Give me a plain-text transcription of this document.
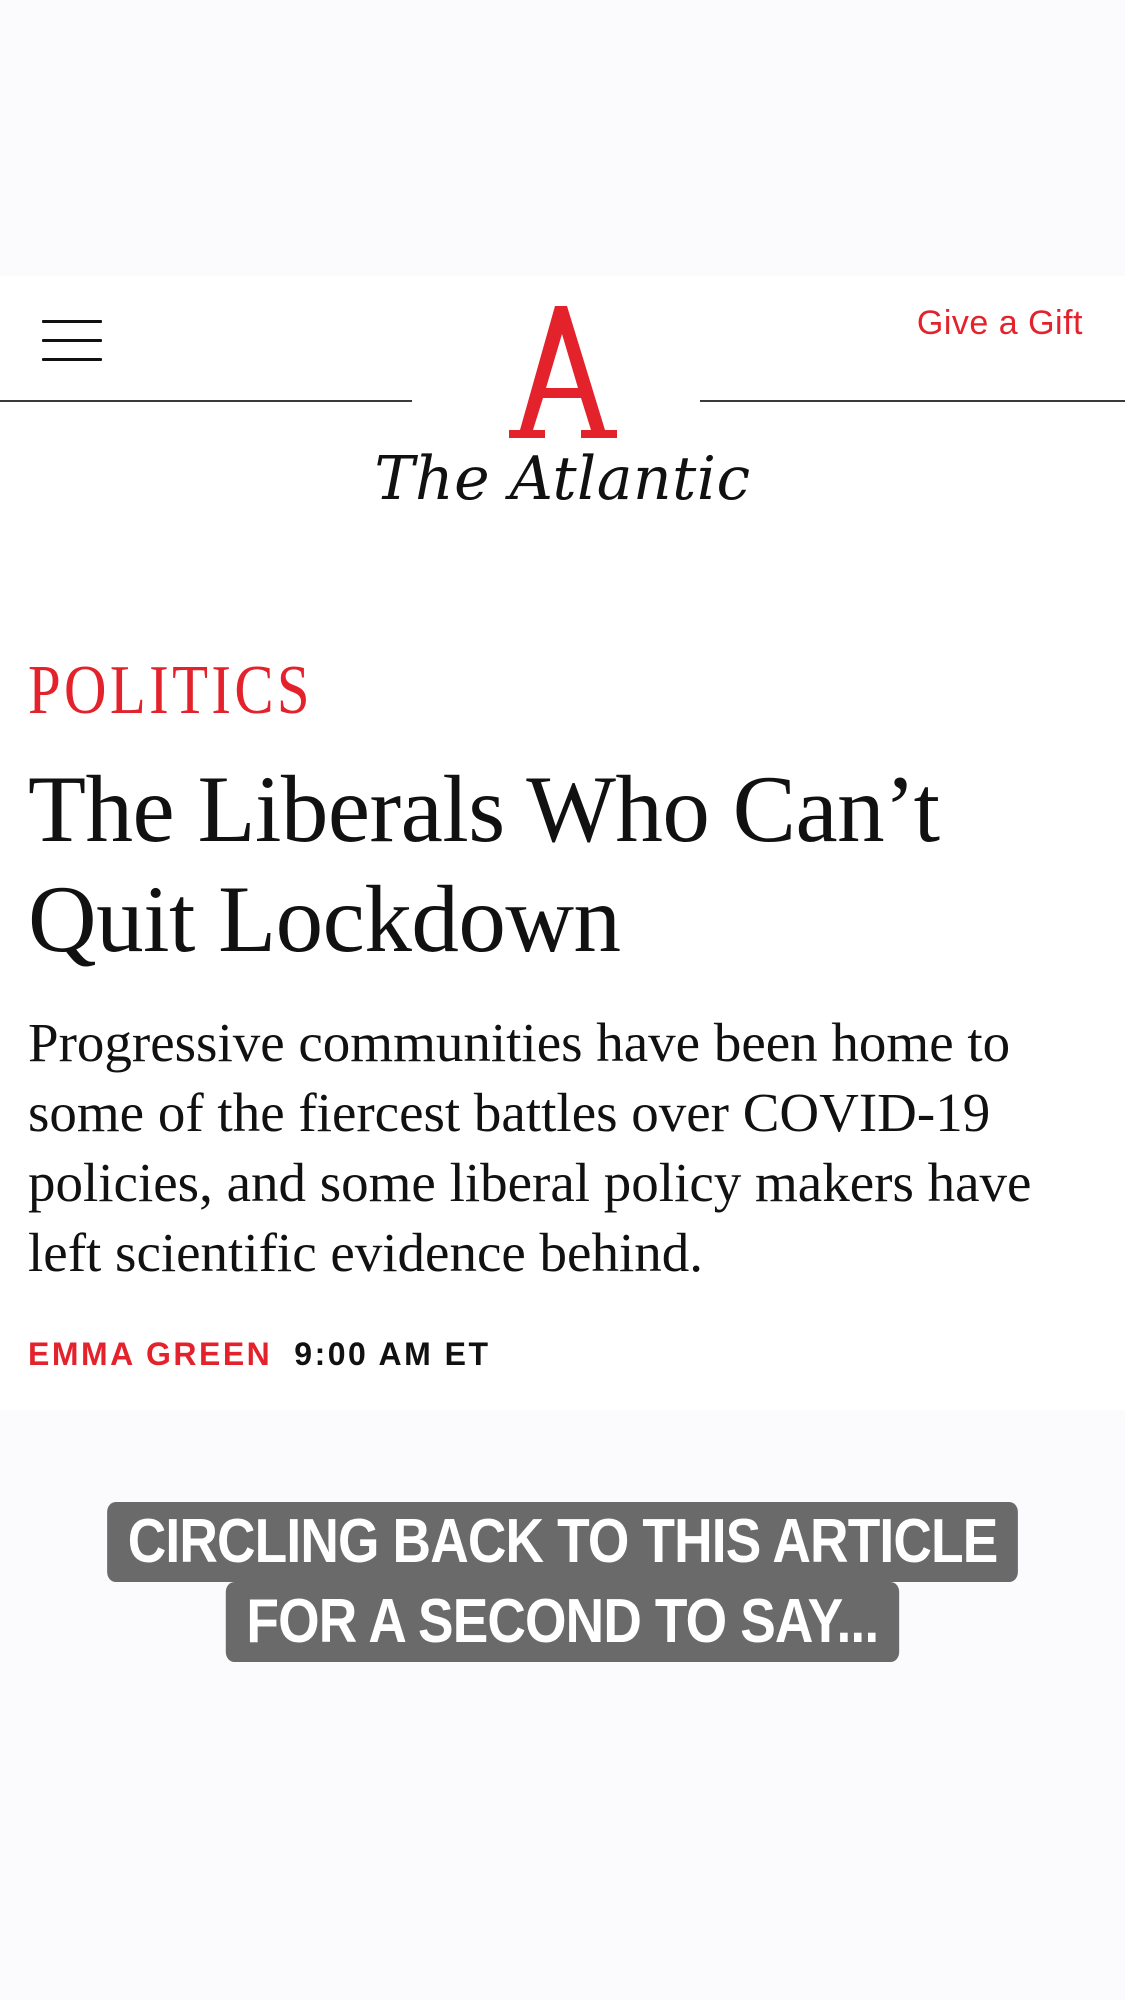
Give a Gift
The Atlantic
POLITICS
The Liberals Who Can’t Quit Lockdown

Progressive communities have been home to some of the fiercest battles over COVID-19 policies, and some liberal policy makers have left scientific evidence behind.

EMMA GREEN 9:00 AM ET
CIRCLING BACK TO THIS ARTICLE
FOR A SECOND TO SAY...
